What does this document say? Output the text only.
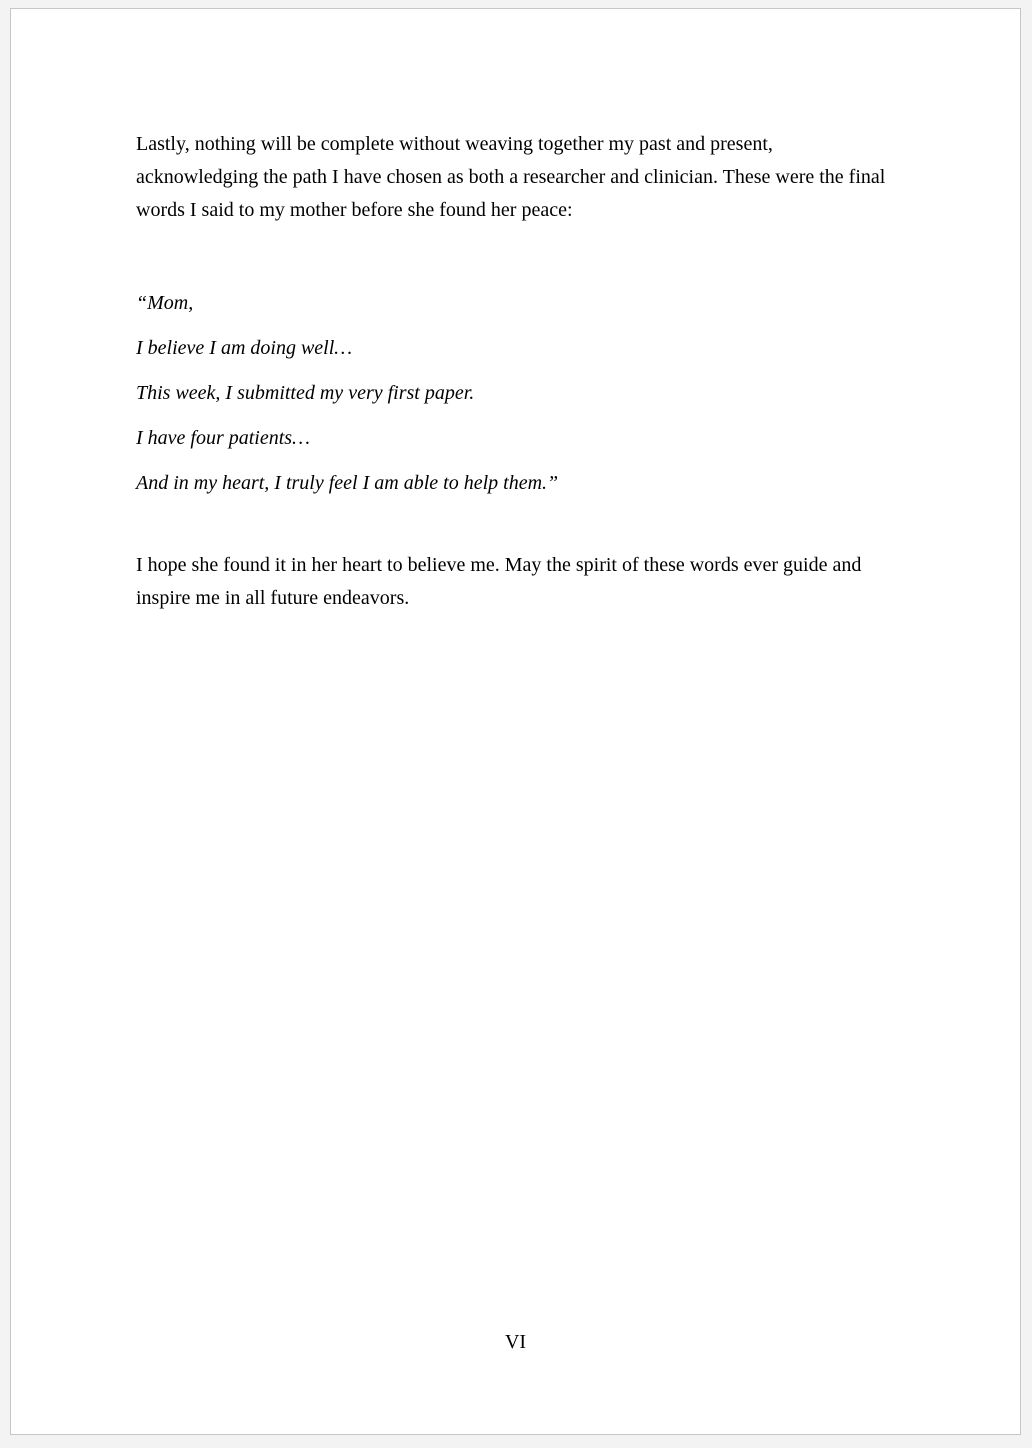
Lastly, nothing will be complete without weaving together my past and present,
acknowledging the path I have chosen as both a researcher and clinician. These were the final
words I said to my mother before she found her peace:
“Mom,
I believe I am doing well…
This week, I submitted my very first paper.
I have four patients…
And in my heart, I truly feel I am able to help them.”
I hope she found it in her heart to believe me. May the spirit of these words ever guide and
inspire me in all future endeavors.
VI
